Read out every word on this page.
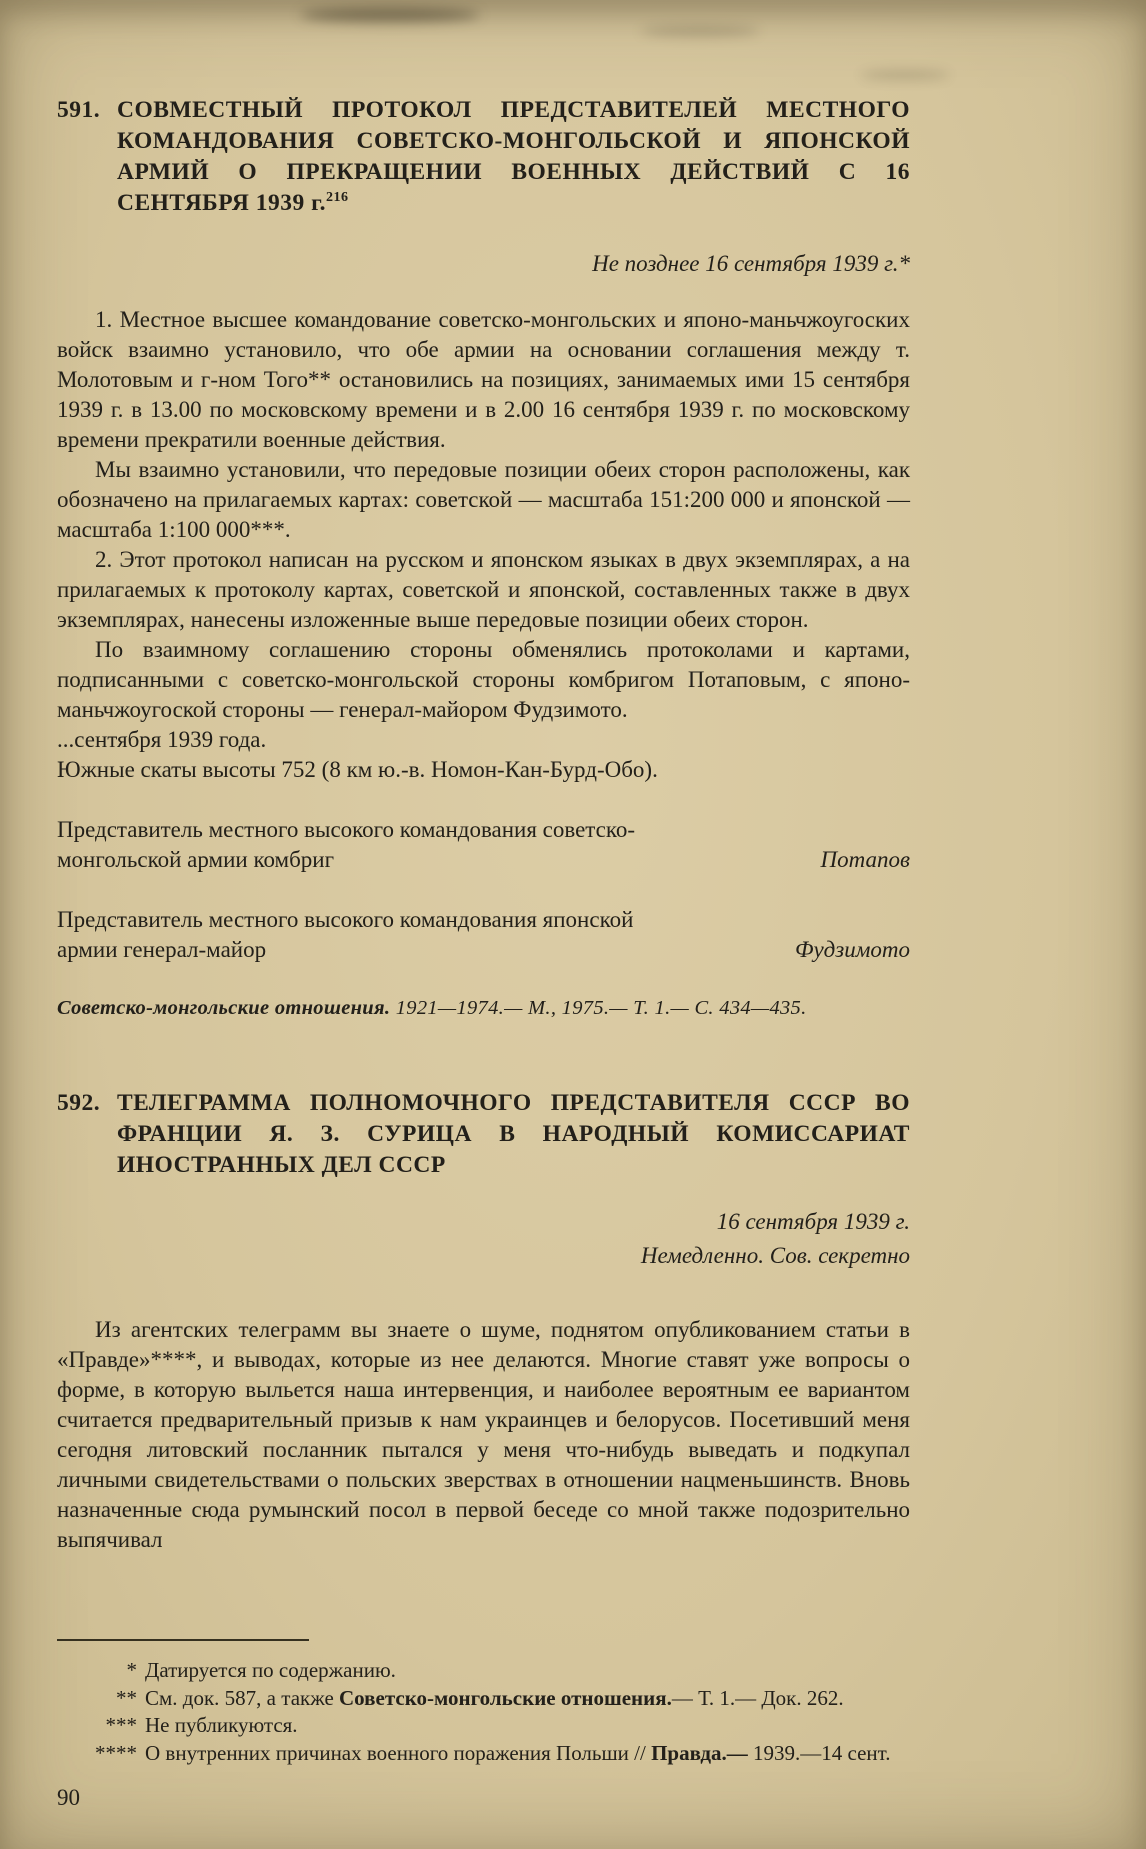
591. СОВМЕСТНЫЙ ПРОТОКОЛ ПРЕДСТАВИТЕЛЕЙ МЕСТНОГО КОМАНДОВАНИЯ СОВЕТСКО-МОНГОЛЬСКОЙ И ЯПОНСКОЙ АРМИЙ О ПРЕКРАЩЕНИИ ВОЕННЫХ ДЕЙСТВИЙ С 16 СЕНТЯБРЯ 1939 г.$^{216}$

Не позднее 16 сентября 1939 г.*

1. Местное высшее командование советско-монгольских и японо-маньчжоугоских войск взаимно установило, что обе армии на основании соглашения между т. Молотовым и г-ном Того** остановились на позициях, занимаемых ими 15 сентября 1939 г. в 13.00 по московскому времени и в 2.00 16 сентября 1939 г. по московскому времени прекратили военные действия.

Мы взаимно установили, что передовые позиции обеих сторон расположены, как обозначено на прилагаемых картах: советской — масштаба 151:200 000 и японской — масштаба 1:100 000***.

2. Этот протокол написан на русском и японском языках в двух экземплярах, а на прилагаемых к протоколу картах, советской и японской, составленных также в двух экземплярах, нанесены изложенные выше передовые позиции обеих сторон.

По взаимному соглашению стороны обменялись протоколами и картами, подписанными с советско-монгольской стороны комбригом Потаповым, с японо-маньчжоугоской стороны — генерал-майором Фудзимото.

...сентября 1939 года.

Южные скаты высоты 752 (8 км ю.-в. Номон-Кан-Бурд-Обо).

Представитель местного высокого командования советско-монгольской армии комбриг	Потапов
Представитель местного высокого командования японской армии генерал-майор	Фудзимото

Советско-монгольские отношения. 1921—1974.— М., 1975.— Т. 1.— С. 434—435.

592. ТЕЛЕГРАММА ПОЛНОМОЧНОГО ПРЕДСТАВИТЕЛЯ СССР ВО ФРАНЦИИ Я. З. СУРИЦА В НАРОДНЫЙ КОМИССАРИАТ ИНОСТРАННЫХ ДЕЛ СССР

16 сентября 1939 г.

Немедленно. Сов. секретно

Из агентских телеграмм вы знаете о шуме, поднятом опубликованием статьи в «Правде»****, и выводах, которые из нее делаются. Многие ставят уже вопросы о форме, в которую выльется наша интервенция, и наиболее вероятным ее вариантом считается предварительный призыв к нам украинцев и белорусов. Посетивший меня сегодня литовский посланник пытался у меня что-нибудь выведать и подкупал личными свидетельствами о польских зверствах в отношении нацменьшинств. Вновь назначенные сюда румынский посол в первой беседе со мной также подозрительно выпячивал

* Датируется по содержанию.

** См. док. 587, а также Советско-монгольские отношения.— Т. 1.— Док. 262.

*** Не публикуются.

**** О внутренних причинах военного поражения Польши // Правда.— 1939.—14 сент.

90
